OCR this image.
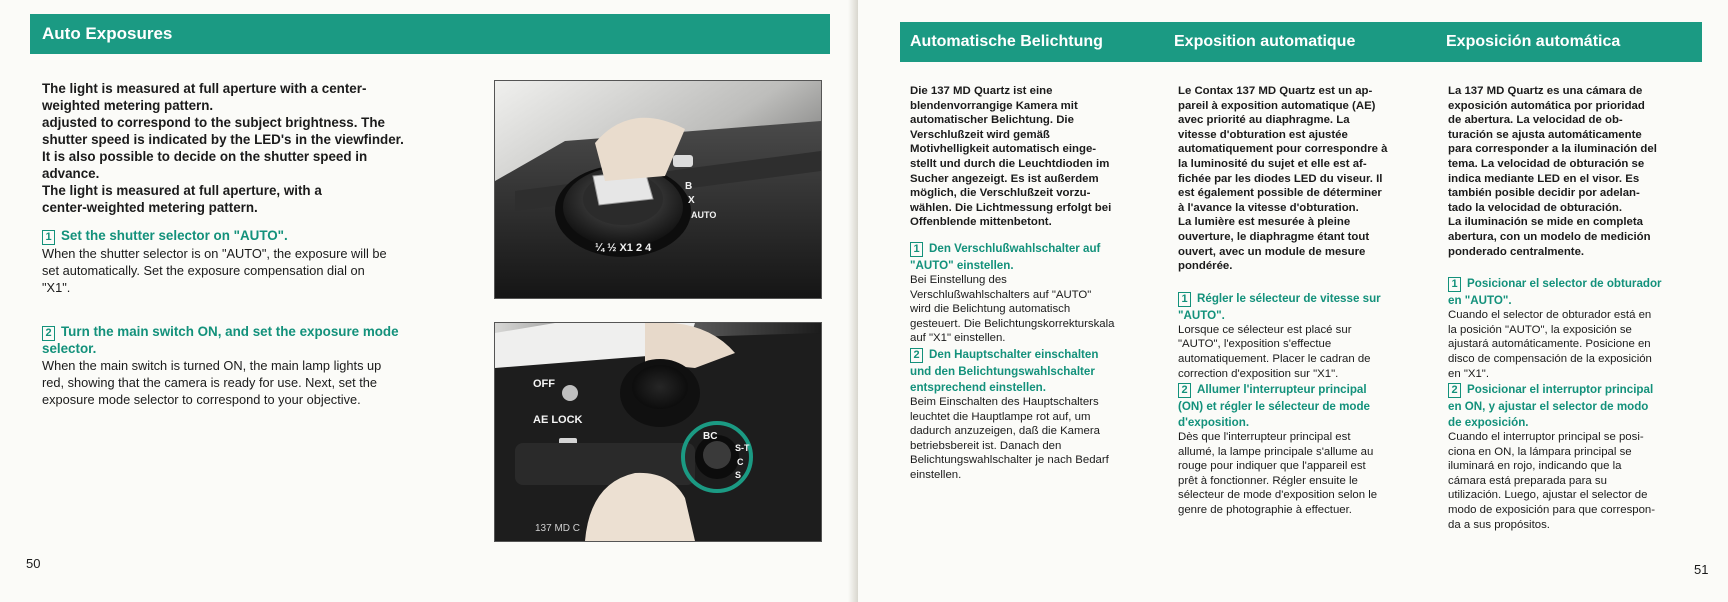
Auto Exposures

The light is measured at full aperture with a center-

weighted metering pattern.

adjusted to correspond to the subject brightness. The

shutter speed is indicated by the LED's in the viewfinder.

It is also possible to decide on the shutter speed in

advance.

The light is measured at full aperture, with a

center-weighted metering pattern.

1 Set the shutter selector on "AUTO".

When the shutter selector is on "AUTO", the exposure will be

set automatically. Set the exposure compensation dial on

"X1".

2 Turn the main switch ON, and set the exposure mode

selector.

When the main switch is turned ON, the main lamp lights up

red, showing that the camera is ready for use. Next, set the

exposure mode selector to correspond to your objective.

¼ ½ X1 2 4
B
X
AUTO
OFF
AE LOCK
BC
S-T
C
S
137 MD C
50
Automatische Belichtung	Exposition automatique	Exposición automática

Die 137 MD Quartz ist eine

blendenvorrangige Kamera mit

automatischer Belichtung. Die

Verschlußzeit wird gemäß

Motivhelligkeit automatisch einge-

stellt und durch die Leuchtdioden im

Sucher angezeigt. Es ist außerdem

möglich, die Verschlußzeit vorzu-

wählen. Die Lichtmessung erfolgt bei

Offenblende mittenbetont.

1 Den Verschlußwahlschalter auf

"AUTO" einstellen.

Bei Einstellung des

Verschlußwahlschalters auf "AUTO"

wird die Belichtung automatisch

gesteuert. Die Belichtungskorrekturskala

auf "X1" einstellen.

2 Den Hauptschalter einschalten

und den Belichtungswahlschalter

entsprechend einstellen.

Beim Einschalten des Hauptschalters

leuchtet die Hauptlampe rot auf, um

dadurch anzuzeigen, daß die Kamera

betriebsbereit ist. Danach den

Belichtungswahlschalter je nach Bedarf

einstellen.

Le Contax 137 MD Quartz est un ap-

pareil à exposition automatique (AE)

avec priorité au diaphragme. La

vitesse d'obturation est ajustée

automatiquement pour correspondre à

la luminosité du sujet et elle est af-

fichée par les diodes LED du viseur. Il

est également possible de déterminer

à l'avance la vitesse d'obturation.

La lumière est mesurée à pleine

ouverture, le diaphragme étant tout

ouvert, avec un module de mesure

pondérée.

1 Régler le sélecteur de vitesse sur

"AUTO".

Lorsque ce sélecteur est placé sur

"AUTO", l'exposition s'effectue

automatiquement. Placer le cadran de

correction d'exposition sur "X1".

2 Allumer l'interrupteur principal

(ON) et régler le sélecteur de mode

d'exposition.

Dès que l'interrupteur principal est

allumé, la lampe principale s'allume au

rouge pour indiquer que l'appareil est

prêt à fonctionner. Régler ensuite le

sélecteur de mode d'exposition selon le

genre de photographie à effectuer.

La 137 MD Quartz es una cámara de

exposición automática por prioridad

de abertura. La velocidad de ob-

turación se ajusta automáticamente

para corresponder a la iluminación del

tema. La velocidad de obturación se

indica mediante LED en el visor. Es

también posible decidir por adelan-

tado la velocidad de obturación.

La iluminación se mide en completa

abertura, con un modelo de medición

ponderado centralmente.

1 Posicionar el selector de obturador

en "AUTO".

Cuando el selector de obturador está en

la posición "AUTO", la exposición se

ajustará automáticamente. Posicione en

disco de compensación de la exposición

en "X1".

2 Posicionar el interruptor principal

en ON, y ajustar el selector de modo

de exposición.

Cuando el interruptor principal se posi-

ciona en ON, la lámpara principal se

iluminará en rojo, indicando que la

cámara está preparada para su

utilización. Luego, ajustar el selector de

modo de exposición para que correspon-

da a sus propósitos.

51
